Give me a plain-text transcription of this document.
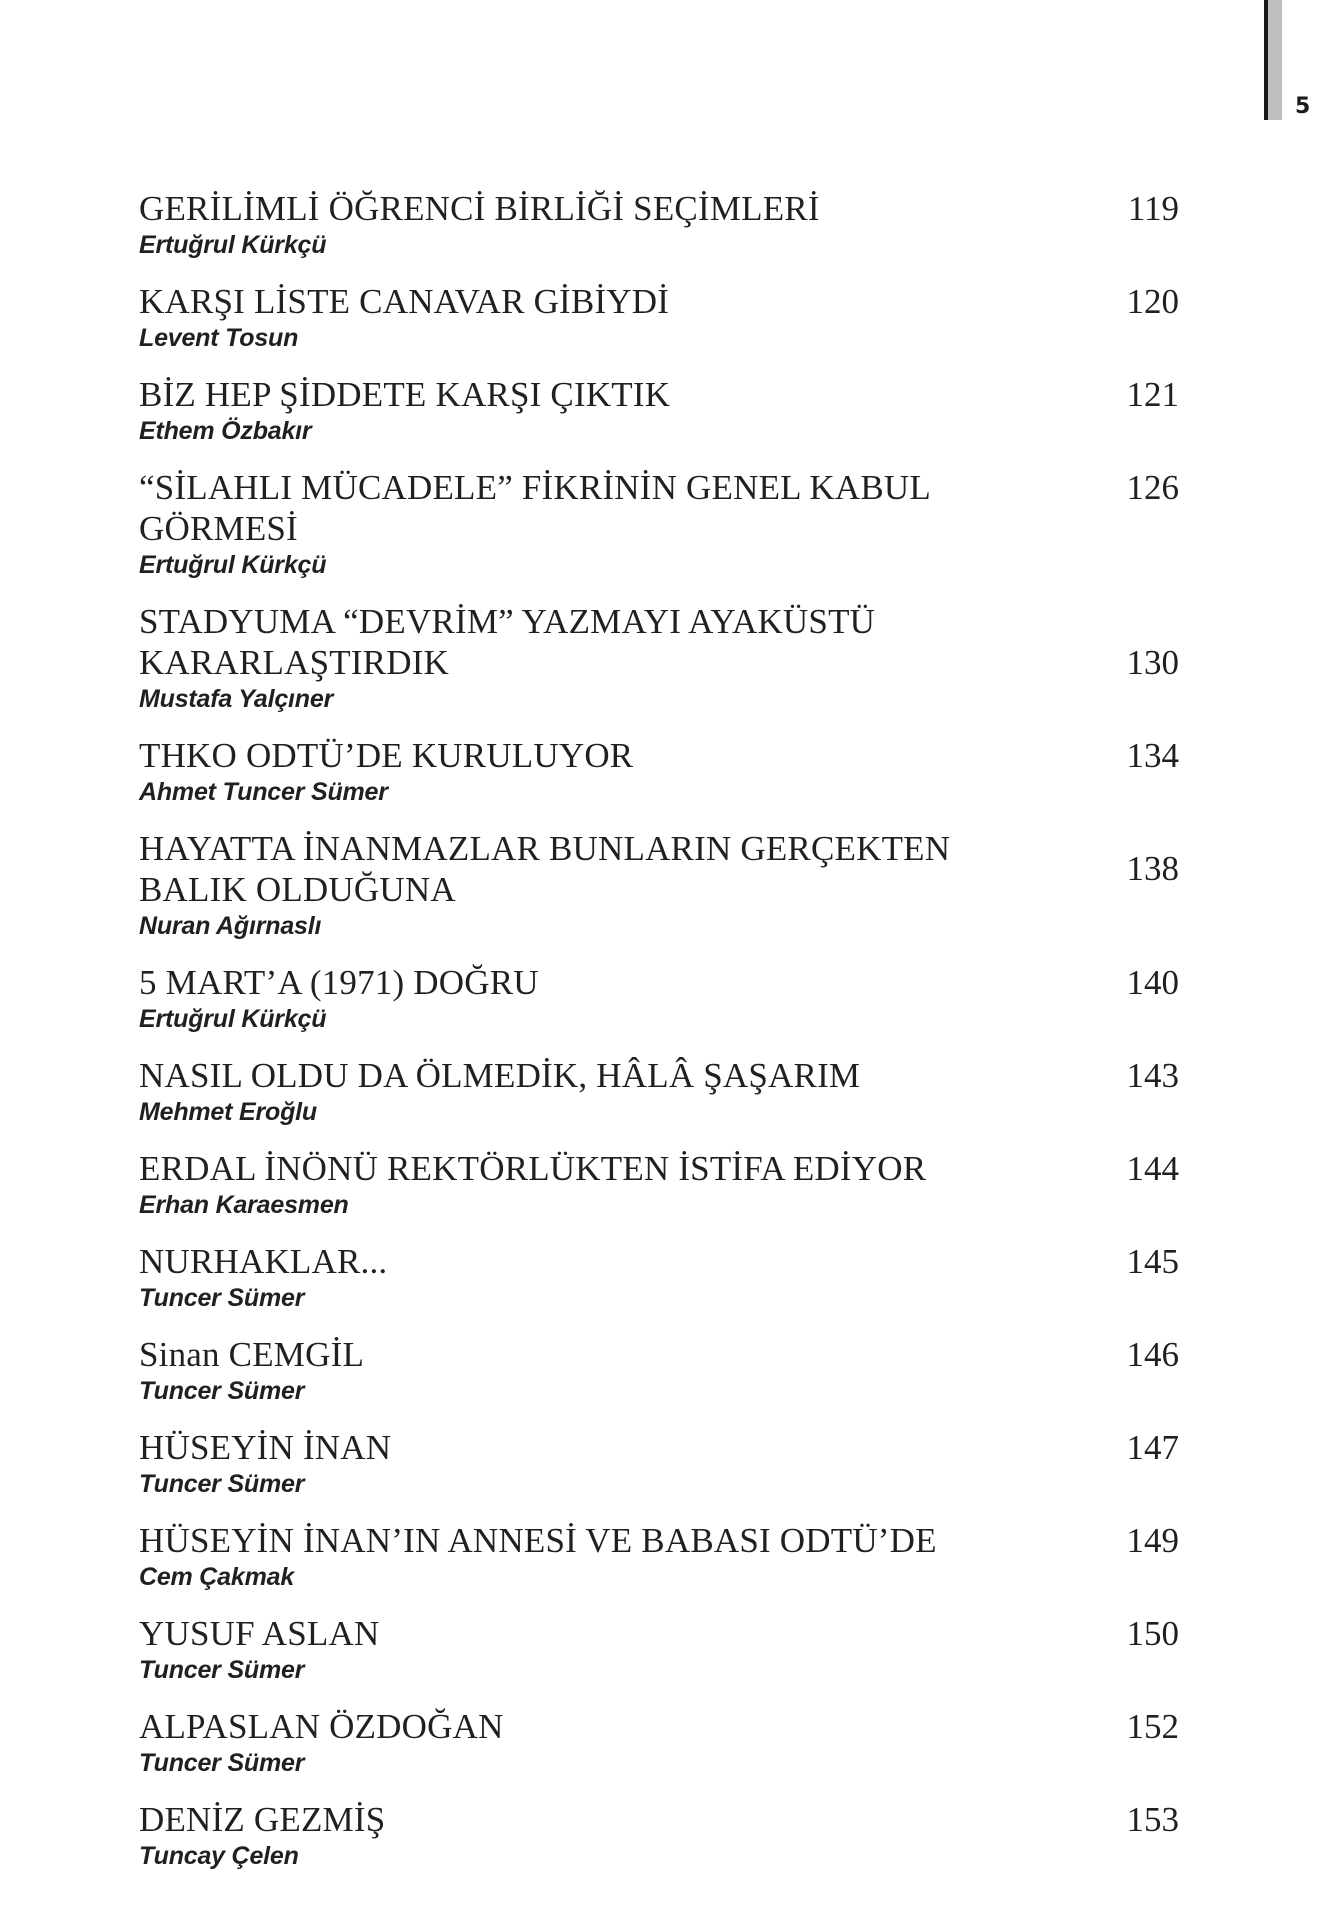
5
119
GERİLİMLİ ÖĞRENCİ BİRLİĞİ SEÇİMLERİ
Ertuğrul Kürkçü
120
KARŞI LİSTE CANAVAR GİBİYDİ
Levent Tosun
121
BİZ HEP ŞİDDETE KARŞI ÇIKTIK
Ethem Özbakır
126
“SİLAHLI MÜCADELE” FİKRİNİN GENEL KABUL GÖRMESİ
Ertuğrul Kürkçü
130
STADYUMA “DEVRİM” YAZMAYI AYAKÜSTÜ KARARLAŞTIRDIK
Mustafa Yalçıner
134
THKO ODTÜ’DE KURULUYOR
Ahmet Tuncer Sümer
138
HAYATTA İNANMAZLAR BUNLARIN GERÇEKTEN BALIK OLDUĞUNA
Nuran Ağırnaslı
140
5 MART’A (1971) DOĞRU
Ertuğrul Kürkçü
143
NASIL OLDU DA ÖLMEDİK, HÂLÂ ŞAŞARIM
Mehmet Eroğlu
144
ERDAL İNÖNÜ REKTÖRLÜKTEN İSTİFA EDİYOR
Erhan Karaesmen
145
NURHAKLAR...
Tuncer Sümer
146
Sinan CEMGİL
Tuncer Sümer
147
HÜSEYİN İNAN
Tuncer Sümer
149
HÜSEYİN İNAN’IN ANNESİ VE BABASI ODTÜ’DE
Cem Çakmak
150
YUSUF ASLAN
Tuncer Sümer
152
ALPASLAN ÖZDOĞAN
Tuncer Sümer
153
DENİZ GEZMİŞ
Tuncay Çelen
